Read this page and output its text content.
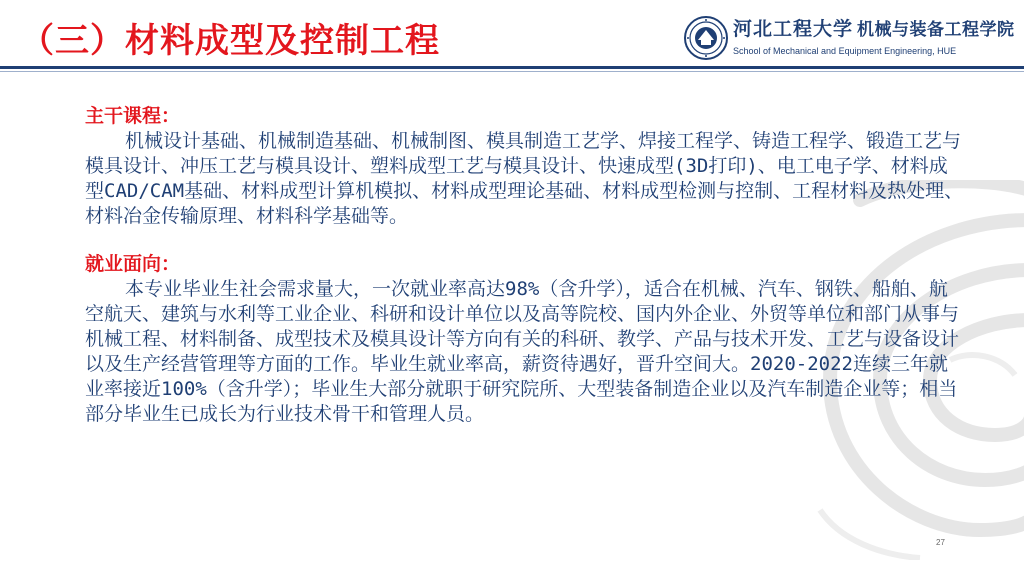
（三）材料成型及控制工程	河北工程大学 机械与装备工程学院
School of Mechanical and Equipment Engineering, HUE
主干课程：

机械设计基础、机械制造基础、机械制图、模具制造工艺学、焊接工程学、铸造工程学、锻造工艺与模具设计、冲压工艺与模具设计、塑料成型工艺与模具设计、快速成型(3D打印)、电工电子学、材料成型CAD/CAM基础、材料成型计算机模拟、材料成型理论基础、材料成型检测与控制、工程材料及热处理、材料冶金传输原理、材料科学基础等。

就业面向：

本专业毕业生社会需求量大，一次就业率高达98%（含升学），适合在机械、汽车、钢铁、船舶、航空航天、建筑与水利等工业企业、科研和设计单位以及高等院校、国内外企业、外贸等单位和部门从事与机械工程、材料制备、成型技术及模具设计等方向有关的科研、教学、产品与技术开发、工艺与设备设计以及生产经营管理等方面的工作。毕业生就业率高，薪资待遇好，晋升空间大。2020-2022连续三年就业率接近100%（含升学）；毕业生大部分就职于研究院所、大型装备制造企业以及汽车制造企业等；相当部分毕业生已成长为行业技术骨干和管理人员。

27
